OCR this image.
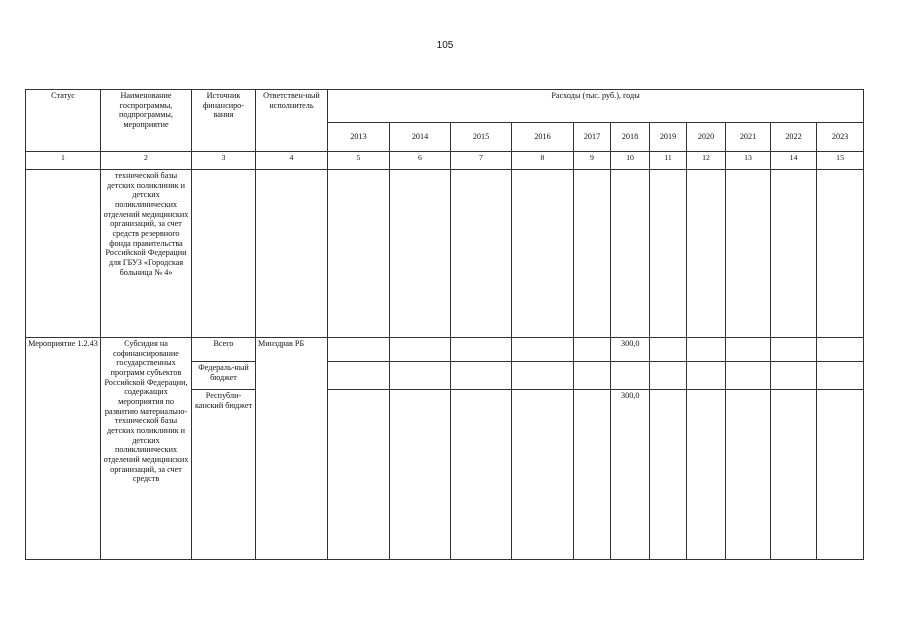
105
Статус	Наименование госпрограммы, подпрограммы, мероприятие	Источник финансиро-вания	Ответствен-ный исполнитель	Расходы (тыс. руб.), годы										
				2013	2014	2015	2016	2017	2018	2019	2020	2021	2022	2023
1	2	3	4	5	6	7	8	9	10	11	12	13	14	15
	технической базы детских поликлиник и детских поликлинических отделений медицинских организаций, за счет средств резервного фонда правительства Российской Федерации для ГБУЗ «Городская больница № 4»													
Мероприятие 1.2.43	Субсидия на софинансирование государственных программ субъектов Российской Федерации, содержащих мероприятия по развитию материально-технической базы детских поликлиник и детских поликлинических отделений медицинских организаций, за счет средств	Всего	Минздрав РБ						300,0					
		Федераль-ный бюджет												
		Республи-канский бюджет							300,0					
